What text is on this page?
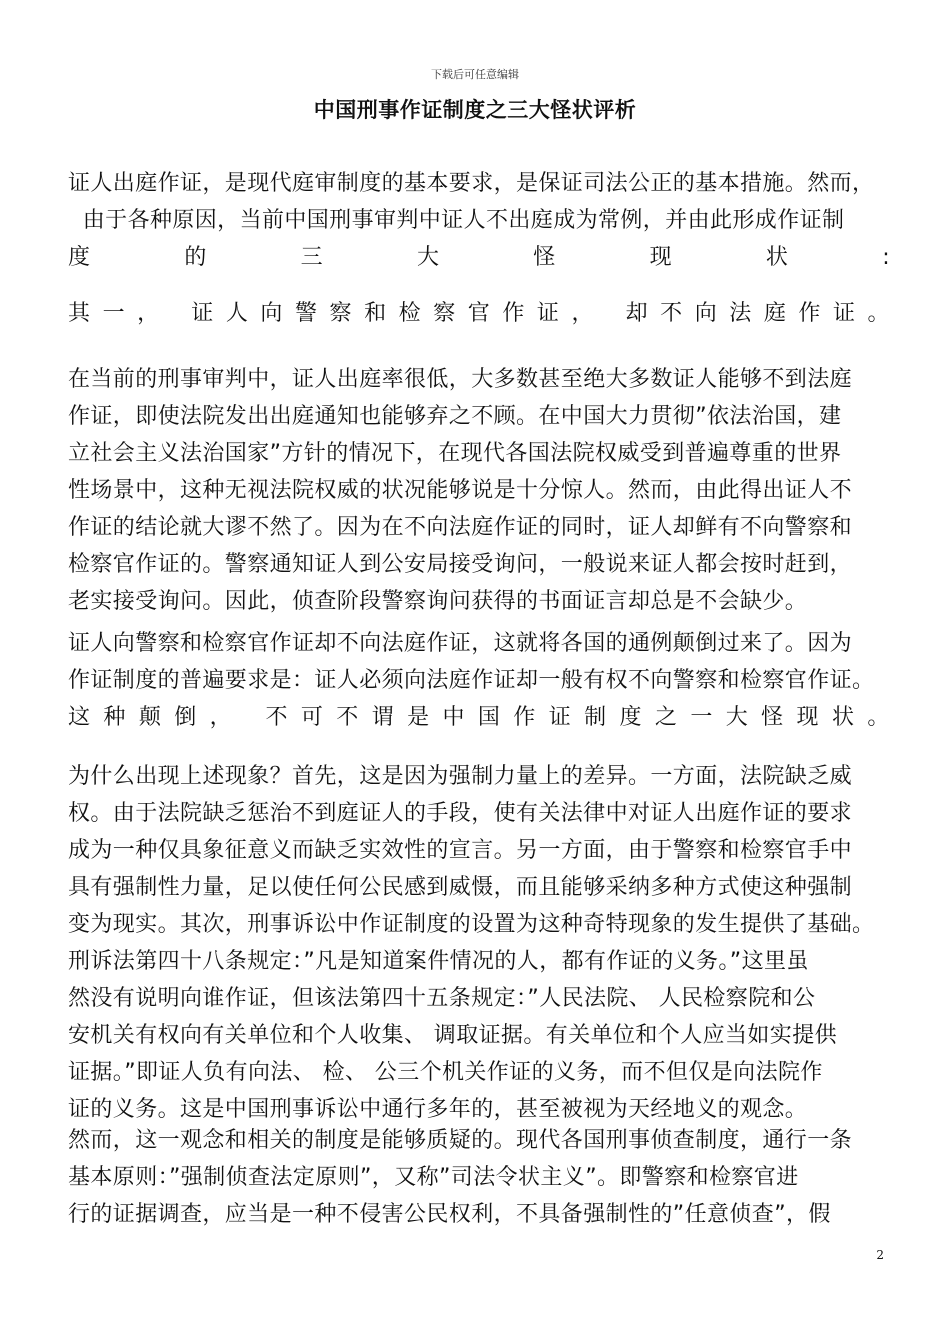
下载后可任意编辑
中国刑事作证制度之三大怪状评析
证人出庭作证，是现代庭审制度的基本要求，是保证司法公正的基本措施。然而，
由于各种原因，当前中国刑事审判中证人不出庭成为常例，并由此形成作证制
度	的	三	大	怪	现	状	:
其 一 ，
证 人 向 警 察 和 检 察 官 作 证 ，
却 不 向 法 庭 作 证 。
在当前的刑事审判中，证人出庭率很低，大多数甚至绝大多数证人能够不到法庭
作证，即使法院发出出庭通知也能够弃之不顾。在中国大力贯彻”依法治国，建
立社会主义法治国家”方针的情况下，在现代各国法院权威受到普遍尊重的世界
性场景中，这种无视法院权威的状况能够说是十分惊人。然而，由此得出证人不
作证的结论就大谬不然了。因为在不向法庭作证的同时，证人却鲜有不向警察和
检察官作证的。警察通知证人到公安局接受询问，一般说来证人都会按时赶到，
老实接受询问。因此，侦查阶段警察询问获得的书面证言却总是不会缺少。
证人向警察和检察官作证却不向法庭作证，这就将各国的通例颠倒过来了。因为
作证制度的普遍要求是：证人必须向法庭作证却一般有权不向警察和检察官作证。
这 种 颠 倒 ，
不 可 不 谓 是 中 国 作 证 制 度 之 一 大 怪 现 状 。
为什么出现上述现象？首先，这是因为强制力量上的差异。一方面，法院缺乏威
权。由于法院缺乏惩治不到庭证人的手段，使有关法律中对证人出庭作证的要求
成为一种仅具象征意义而缺乏实效性的宣言。另一方面，由于警察和检察官手中
具有强制性力量，足以使任何公民感到威慑，而且能够采纳多种方式使这种强制
变为现实。其次，刑事诉讼中作证制度的设置为这种奇特现象的发生提供了基础。
刑诉法第四十八条规定：”凡是知道案件情况的人，都有作证的义务。”这里虽
然没有说明向谁作证，但该法第四十五条规定：”人民法院、 人民检察院和公
安机关有权向有关单位和个人收集、 调取证据。有关单位和个人应当如实提供
证据。”即证人负有向法、 检、 公三个机关作证的义务，而不但仅是向法院作
证的义务。这是中国刑事诉讼中通行多年的，甚至被视为天经地义的观念。
然而，这一观念和相关的制度是能够质疑的。现代各国刑事侦查制度，通行一条
基本原则：”强制侦查法定原则”，又称”司法令状主义”。即警察和检察官进
行的证据调查，应当是一种不侵害公民权利，不具备强制性的”任意侦查”，假
2
